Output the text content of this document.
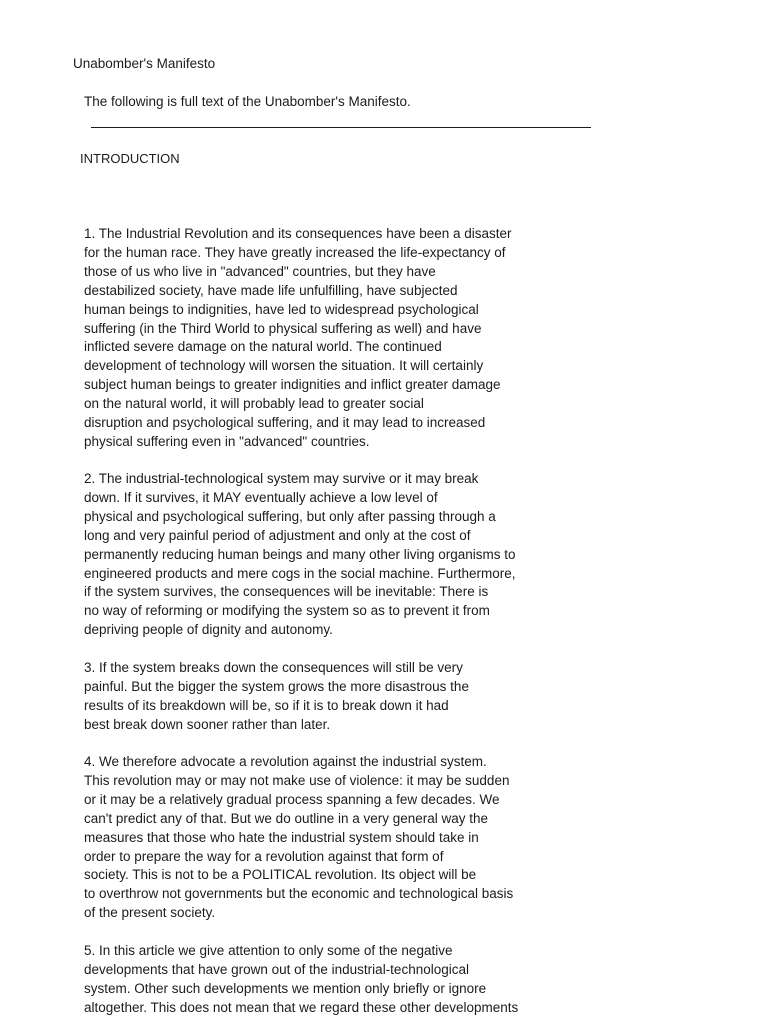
Unabomber's Manifesto

The following is full text of the Unabomber's Manifesto.

INTRODUCTION
1. The Industrial Revolution and its consequences have been a disaster
for the human race. They have greatly increased the life-expectancy of
those of us who live in "advanced" countries, but they have
destabilized society, have made life unfulfilling, have subjected
human beings to indignities, have led to widespread psychological
suffering (in the Third World to physical suffering as well) and have
inflicted severe damage on the natural world. The continued
development of technology will worsen the situation. It will certainly
subject human beings to greater indignities and inflict greater damage
on the natural world, it will probably lead to greater social
disruption and psychological suffering, and it may lead to increased
physical suffering even in "advanced" countries.
2. The industrial-technological system may survive or it may break
down. If it survives, it MAY eventually achieve a low level of
physical and psychological suffering, but only after passing through a
long and very painful period of adjustment and only at the cost of
permanently reducing human beings and many other living organisms to
engineered products and mere cogs in the social machine. Furthermore,
if the system survives, the consequences will be inevitable: There is
no way of reforming or modifying the system so as to prevent it from
depriving people of dignity and autonomy.
3. If the system breaks down the consequences will still be very
painful. But the bigger the system grows the more disastrous the
results of its breakdown will be, so if it is to break down it had
best break down sooner rather than later.
4. We therefore advocate a revolution against the industrial system.
This revolution may or may not make use of violence: it may be sudden
or it may be a relatively gradual process spanning a few decades. We
can't predict any of that. But we do outline in a very general way the
measures that those who hate the industrial system should take in
order to prepare the way for a revolution against that form of
society. This is not to be a POLITICAL revolution. Its object will be
to overthrow not governments but the economic and technological basis
of the present society.
5. In this article we give attention to only some of the negative
developments that have grown out of the industrial-technological
system. Other such developments we mention only briefly or ignore
altogether. This does not mean that we regard these other developments
